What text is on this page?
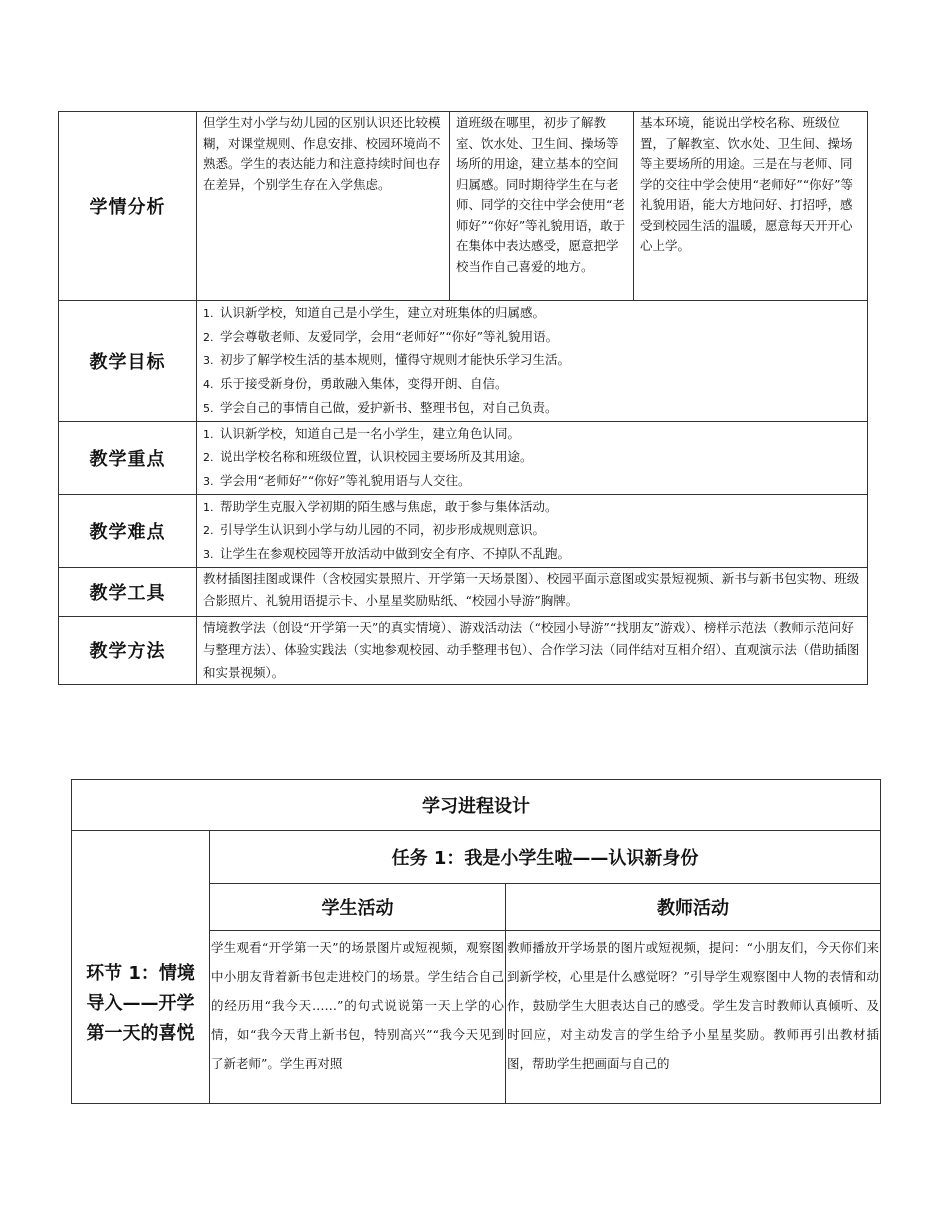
学情分析	但学生对小学与幼儿园的区别认识还比较模糊，对课堂规则、作息安排、校园环境尚不熟悉。学生的表达能力和注意持续时间也存在差异，个别学生存在入学焦虑。	道班级在哪里，初步了解教室、饮水处、卫生间、操场等场所的用途，建立基本的空间归属感。同时期待学生在与老师、同学的交往中学会使用“老师好”“你好”等礼貌用语，敢于在集体中表达感受，愿意把学校当作自己喜爱的地方。	基本环境，能说出学校名称、班级位置，了解教室、饮水处、卫生间、操场等主要场所的用途。三是在与老师、同学的交往中学会使用“老师好”“你好”等礼貌用语，能大方地问好、打招呼，感受到校园生活的温暖，愿意每天开开心心上学。
教学目标	1. 认识新学校，知道自己是小学生，建立对班集体的归属感。
2. 学会尊敬老师、友爱同学，会用“老师好”“你好”等礼貌用语。
3. 初步了解学校生活的基本规则，懂得守规则才能快乐学习生活。
4. 乐于接受新身份，勇敢融入集体，变得开朗、自信。
5. 学会自己的事情自己做，爱护新书、整理书包，对自己负责。		

教学重点	1. 认识新学校，知道自己是一名小学生，建立角色认同。
2. 说出学校名称和班级位置，认识校园主要场所及其用途。
3. 学会用“老师好”“你好”等礼貌用语与人交往。		

教学难点	1. 帮助学生克服入学初期的陌生感与焦虑，敢于参与集体活动。
2. 引导学生认识到小学与幼儿园的不同，初步形成规则意识。
3. 让学生在参观校园等开放活动中做到安全有序、不掉队不乱跑。		

教学工具	教材插图挂图或课件（含校园实景照片、开学第一天场景图）、校园平面示意图或实景短视频、新书与新书包实物、班级合影照片、礼貌用语提示卡、小星星奖励贴纸、“校园小导游”胸牌。		
教学方法	情境教学法（创设“开学第一天”的真实情境）、游戏活动法（“校园小导游”“找朋友”游戏）、榜样示范法（教师示范问好与整理方法）、体验实践法（实地参观校园、动手整理书包）、合作学习法（同伴结对互相介绍）、直观演示法（借助插图和实景视频）。		
学习进程设计		
环节 1：情境导入——开学第一天的喜悦	任务 1：我是小学生啦——认识新身份	
	学生活动	教师活动

	学生观看“开学第一天”的场景图片或短视频，观察图中小朋友背着新书包走进校门的场景。学生结合自己的经历用“我今天……”的句式说说第一天上学的心情，如“我今天背上新书包，特别高兴”“我今天见到了新老师”。学生再对照	教师播放开学场景的图片或短视频，提问：“小朋友们，今天你们来到新学校，心里是什么感觉呀？”引导学生观察图中人物的表情和动作，鼓励学生大胆表达自己的感受。学生发言时教师认真倾听、及时回应，对主动发言的学生给予小星星奖励。教师再引出教材插图，帮助学生把画面与自己的
